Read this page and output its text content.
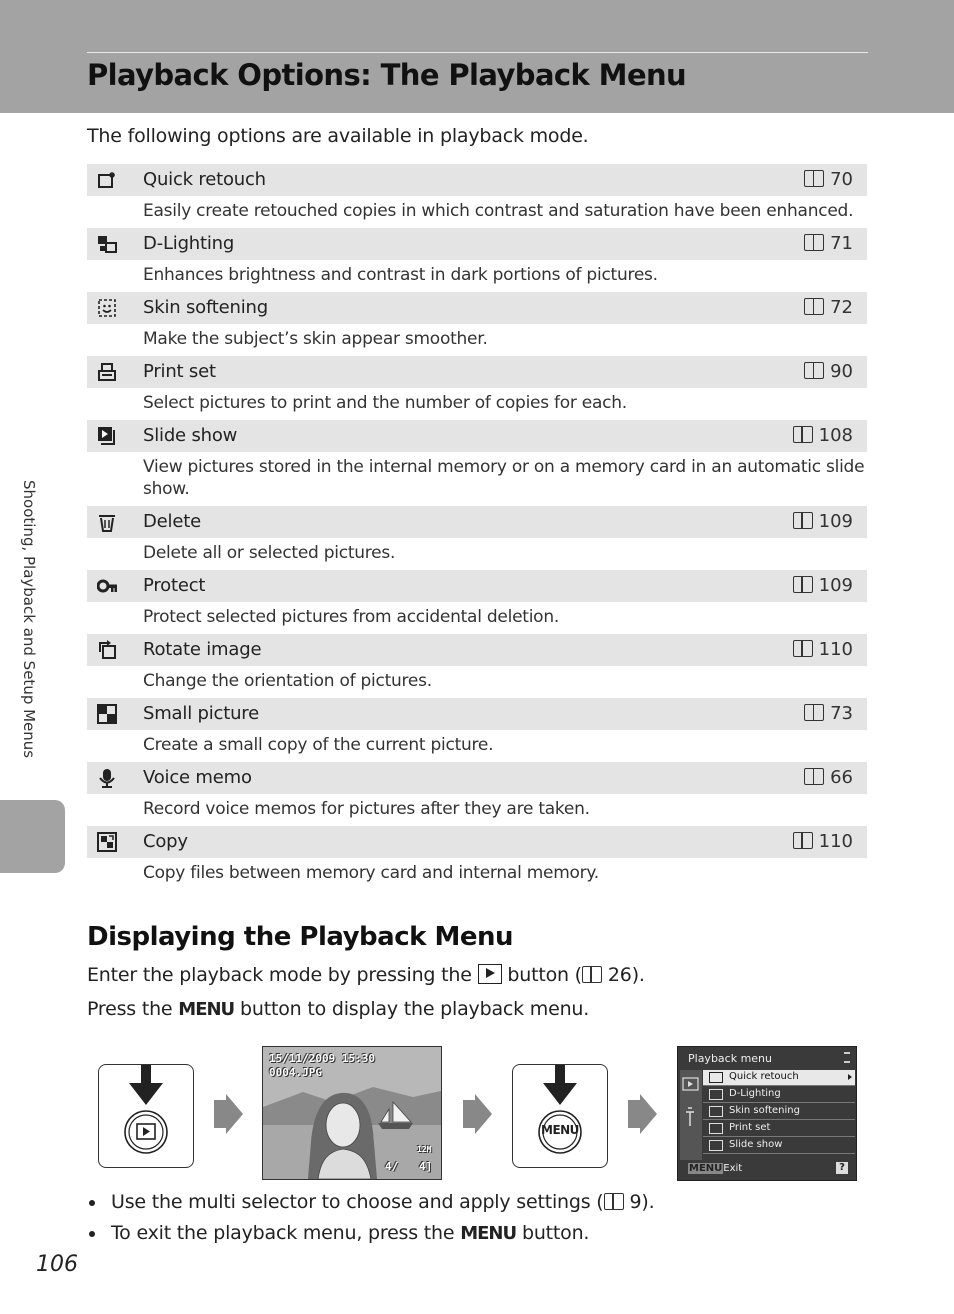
Playback Options: The Playback Menu
The following options are available in playback mode.
Quick retouch	70
Easily create retouched copies in which contrast and saturation have been enhanced.
D-Lighting	71
Enhances brightness and contrast in dark portions of pictures.
Skin softening	72
Make the subject’s skin appear smoother.
Print set	90
Select pictures to print and the number of copies for each.
Slide show	108
View pictures stored in the internal memory or on a memory card in an automatic slide show.
Delete	109
Delete all or selected pictures.
Protect	109
Protect selected pictures from accidental deletion.
Rotate image	110
Change the orientation of pictures.
Small picture	73
Create a small copy of the current picture.
Voice memo	66
Record voice memos for pictures after they are taken.
Copy	110
Copy files between memory card and internal memory.
Shooting, Playback and Setup Menus
Displaying the Playback Menu
Enter the playback mode by pressing the button ( 26).
Press the MENU button to display the playback menu.
15/11/2009 15:30
0004.JPG
12M
4/ 4]
MENU
Playback menu
Quick retouch
D-Lighting
Skin softening
Print set
Slide show
MENUExit	?
Use the multi selector to choose and apply settings ( 9).
To exit the playback menu, press the MENU button.
106
